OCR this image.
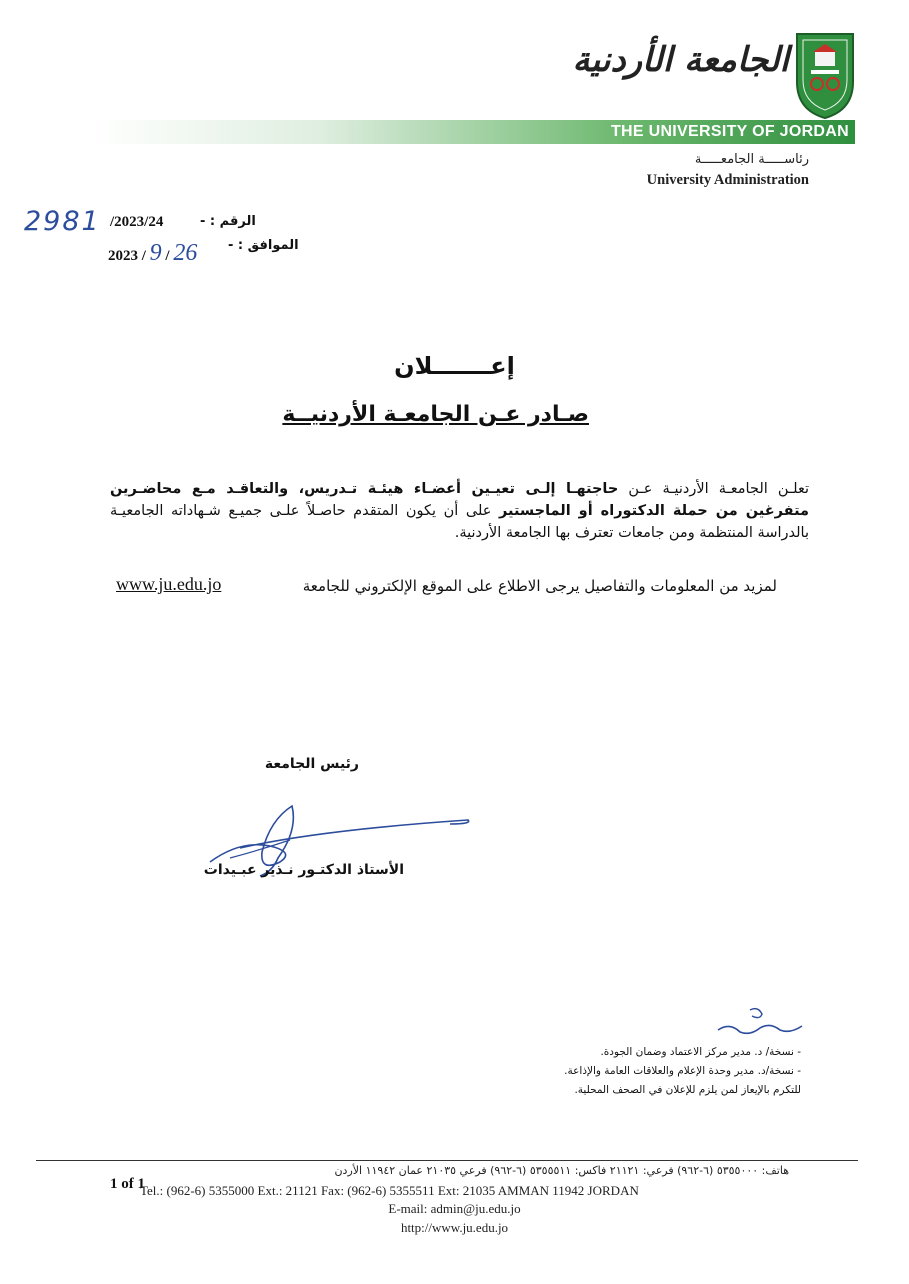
الجامعة الأردنية
THE UNIVERSITY OF JORDAN
رئاســـــة الجامعـــــة
University Administration
2981 /2023/24	الرقم : -
2023 / 9 / 26 الموافق : -
إعـــــــلان
صـادر عـن الجامعـة الأردنيــة
تعلـن الجامعـة الأردنيـة عـن حاجتهـا إلـى تعيـين أعضـاء هيئـة تـدريس، والتعاقـد مـع محاضـرين متفرغين من حملة الدكتوراه أو الماجستير على أن يكون المتقدم حاصـلاً علـى جميـع شـهاداته الجامعيـة بالدراسة المنتظمة ومن جامعات تعترف بها الجامعة الأردنية.
لمزيد من المعلومات والتفاصيل يرجى الاطلاع على الموقع الإلكتروني للجامعة
www.ju.edu.jo
رئيس الجامعة
الأستاذ الدكتـور نـذير عبـيدات
- نسخة/ د. مدير مركز الاعتماد وضمان الجودة.
- نسخة/د. مدير وحدة الإعلام والعلاقات العامة والإذاعة.
للتكرم بالإيعاز لمن يلزم للإعلان في الصحف المحلية.
1 of 1
هاتف: ٥٣٥٥٠٠٠ (٦-٩٦٢) فرعي: ٢١١٢١ فاكس: ٥٣٥٥٥١١ (٦-٩٦٢) فرعي ٢١٠٣٥ عمان ١١٩٤٢ الأردن
Tel.: (962-6) 5355000 Ext.: 21121 Fax: (962-6) 5355511 Ext: 21035 AMMAN 11942 JORDAN
E-mail: admin@ju.edu.jo
http://www.ju.edu.jo
